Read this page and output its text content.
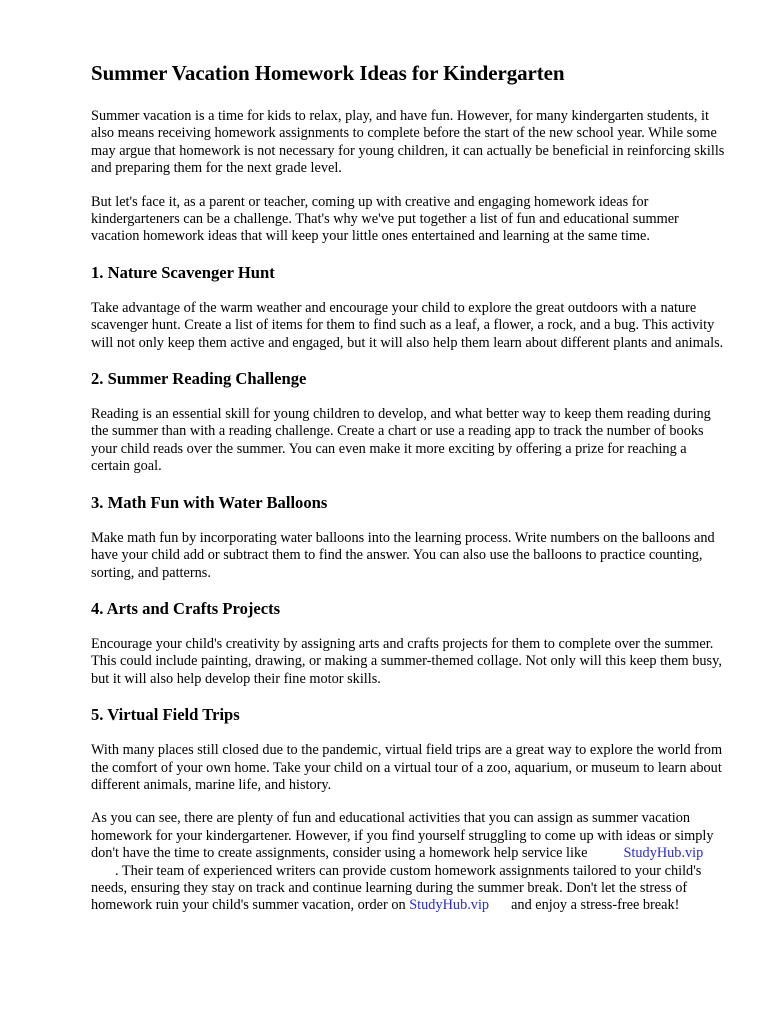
Summer Vacation Homework Ideas for Kindergarten

Summer vacation is a time for kids to relax, play, and have fun. However, for many kindergarten students, it also means receiving homework assignments to complete before the start of the new school year. While some may argue that homework is not necessary for young children, it can actually be beneficial in reinforcing skills and preparing them for the next grade level.

But let's face it, as a parent or teacher, coming up with creative and engaging homework ideas for kindergarteners can be a challenge. That's why we've put together a list of fun and educational summer vacation homework ideas that will keep your little ones entertained and learning at the same time.

1. Nature Scavenger Hunt

Take advantage of the warm weather and encourage your child to explore the great outdoors with a nature scavenger hunt. Create a list of items for them to find such as a leaf, a flower, a rock, and a bug. This activity will not only keep them active and engaged, but it will also help them learn about different plants and animals.

2. Summer Reading Challenge

Reading is an essential skill for young children to develop, and what better way to keep them reading during the summer than with a reading challenge. Create a chart or use a reading app to track the number of books your child reads over the summer. You can even make it more exciting by offering a prize for reaching a certain goal.

3. Math Fun with Water Balloons

Make math fun by incorporating water balloons into the learning process. Write numbers on the balloons and have your child add or subtract them to find the answer. You can also use the balloons to practice counting, sorting, and patterns.

4. Arts and Crafts Projects

Encourage your child's creativity by assigning arts and crafts projects for them to complete over the summer. This could include painting, drawing, or making a summer-themed collage. Not only will this keep them busy, but it will also help develop their fine motor skills.

5. Virtual Field Trips

With many places still closed due to the pandemic, virtual field trips are a great way to explore the world from the comfort of your own home. Take your child on a virtual tour of a zoo, aquarium, or museum to learn about different animals, marine life, and history.

As you can see, there are plenty of fun and educational activities that you can assign as summer vacation homework for your kindergartener. However, if you find yourself struggling to come up with ideas or simply don't have the time to create assignments, consider using a homework help service like	StudyHub.vip. Their team of experienced writers can provide custom homework assignments tailored to your child's needs, ensuring they stay on track and continue learning during the summer break. Don't let the stress of homework ruin your child's summer vacation, order on StudyHub.vip and enjoy a stress-free break!
